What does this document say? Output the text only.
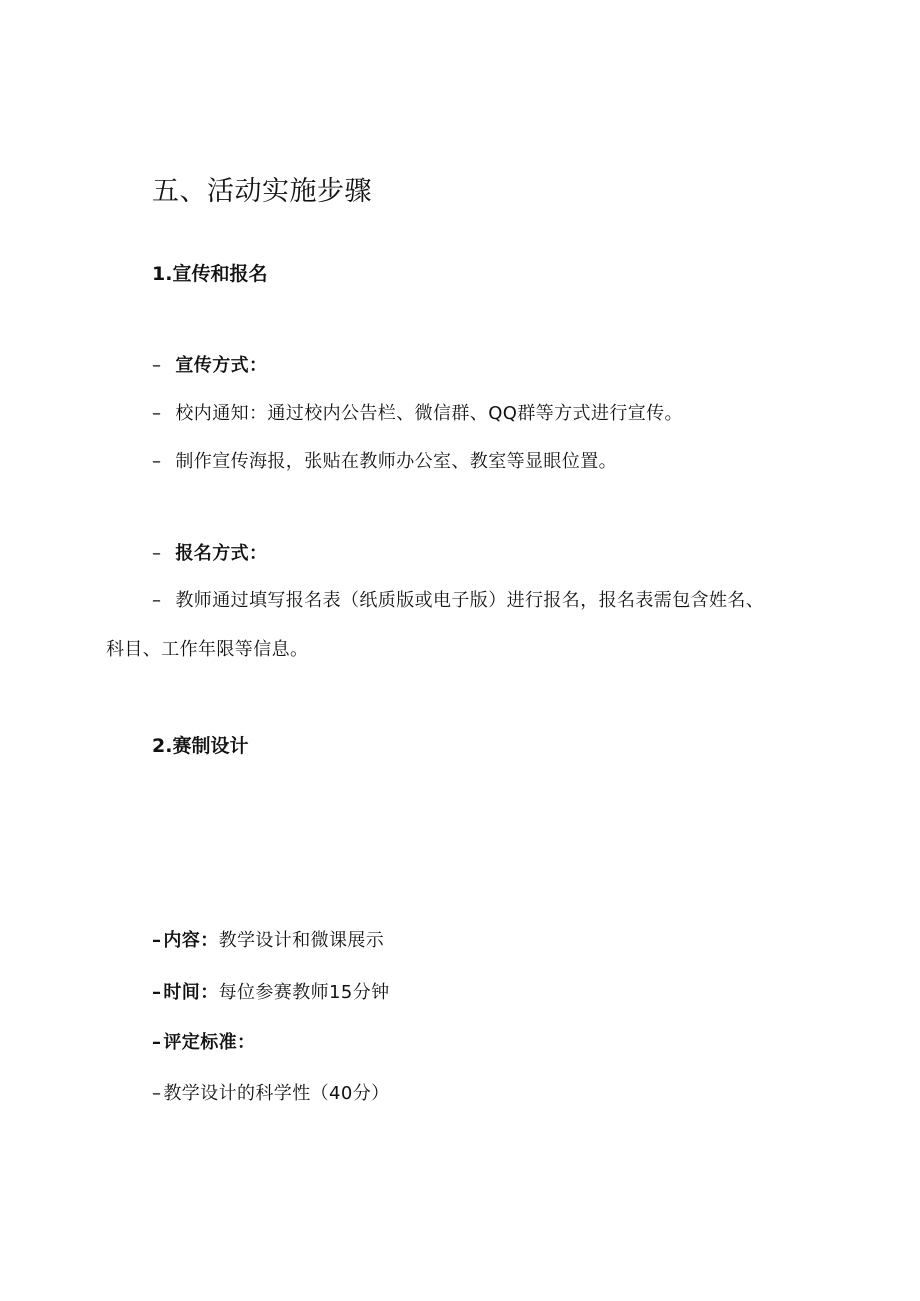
五、活动实施步骤
1.宣传和报名
– 宣传方式：
– 校内通知：通过校内公告栏、微信群、QQ群等方式进行宣传。
– 制作宣传海报，张贴在教师办公室、教室等显眼位置。
– 报名方式：
– 教师通过填写报名表（纸质版或电子版）进行报名，报名表需包含姓名、
科目、工作年限等信息。
2.赛制设计
– 内容：教学设计和微课展示
– 时间：每位参赛教师15分钟
– 评定标准：
– 教学设计的科学性（40分）
